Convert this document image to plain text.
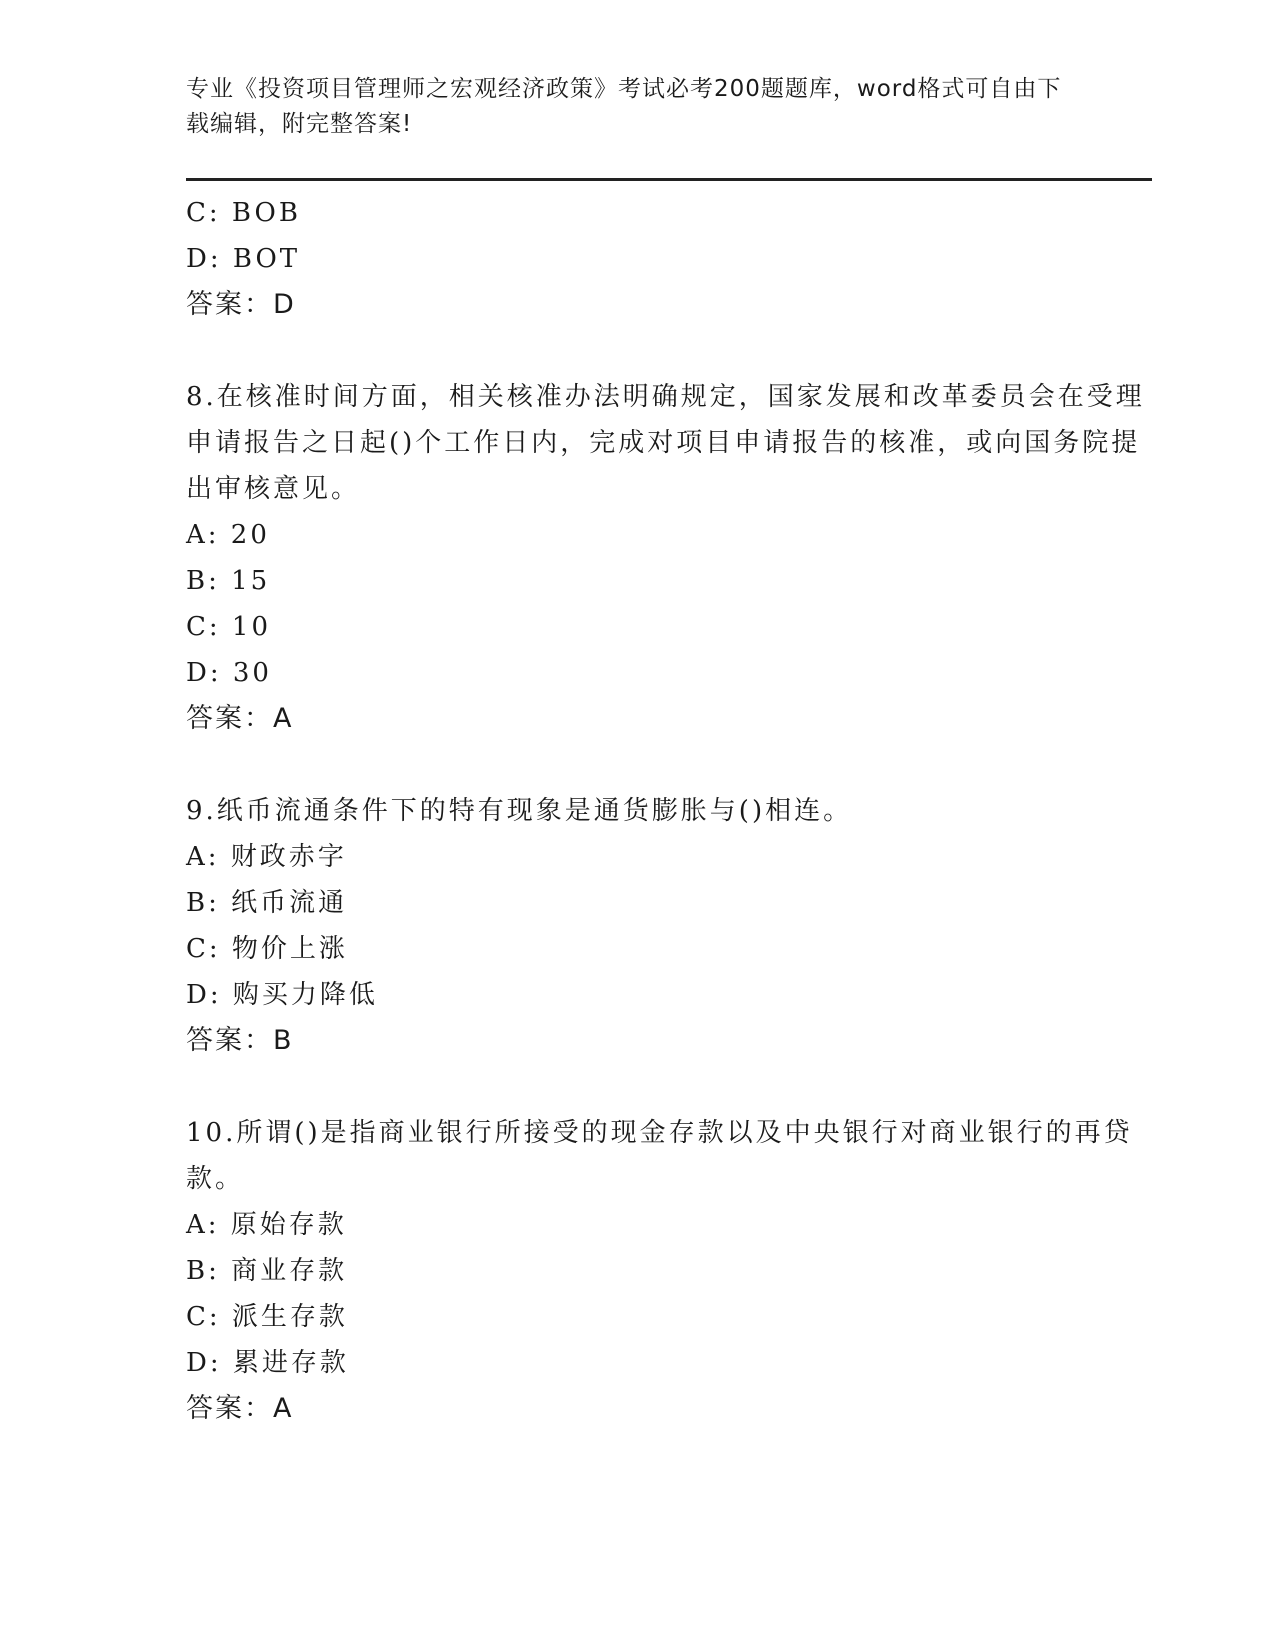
专业《投资项目管理师之宏观经济政策》考试必考200题题库，word格式可自由下载编辑，附完整答案!

C: BOB
D: BOT
答案：D
8.在核准时间方面，相关核准办法明确规定，国家发展和改革委员会在受理申请报告之日起()个工作日内，完成对项目申请报告的核准，或向国务院提出审核意见。
A: 20
B: 15
C: 10
D: 30
答案：A
9.纸币流通条件下的特有现象是通货膨胀与()相连。
A: 财政赤字
B: 纸币流通
C: 物价上涨
D: 购买力降低
答案：B
10.所谓()是指商业银行所接受的现金存款以及中央银行对商业银行的再贷款。
A: 原始存款
B: 商业存款
C: 派生存款
D: 累进存款
答案：A
